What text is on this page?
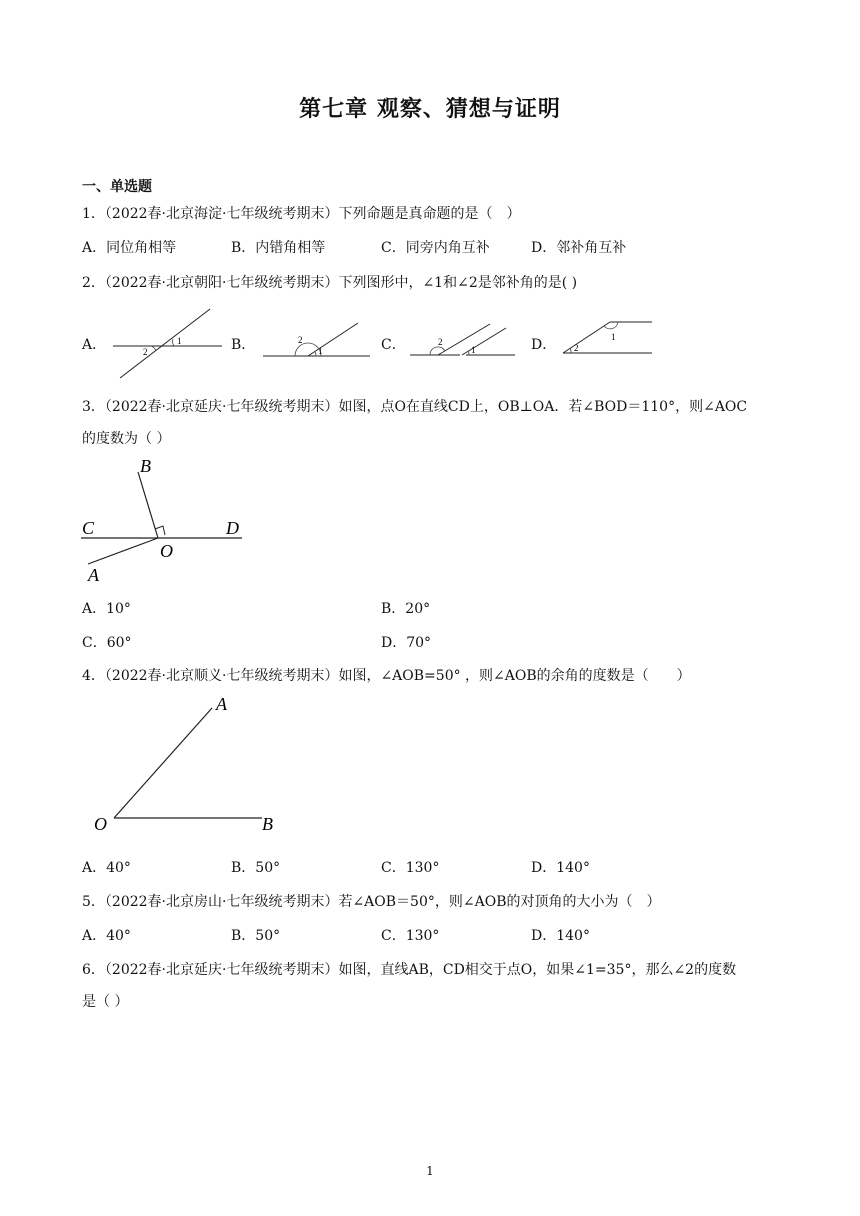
第七章 观察、猜想与证明
一、单选题
1．（2022春·北京海淀·七年级统考期末）下列命题是真命题的是（　）
A．同位角相等	B．内错角相等	C．同旁内角互补	D．邻补角互补
2．（2022春·北京朝阳·七年级统考期末）下列图形中，∠1和∠2是邻补角的是( )
A．	1
2	B．	1
2	C．	2
1	D．	1
2
3．（2022春·北京延庆·七年级统考期末）如图，点O在直线CD上，OB⊥OA．若∠BOD＝110°，则∠AOC
的度数为（ ）
B
C	D
O
A
A．10°	B．20°
C．60°	D．70°
4．（2022春·北京顺义·七年级统考期末）如图，∠AOB=50° ，则∠AOB的余角的度数是（　　）
A
O	B
A．40°	B．50°	C．130°	D．140°
5．（2022春·北京房山·七年级统考期末）若∠AOB＝50°，则∠AOB的对顶角的大小为（　）
A．40°	B．50°	C．130°	D．140°
6．（2022春·北京延庆·七年级统考期末）如图，直线AB，CD相交于点O，如果∠1=35°，那么∠2的度数
是（ ）
1
